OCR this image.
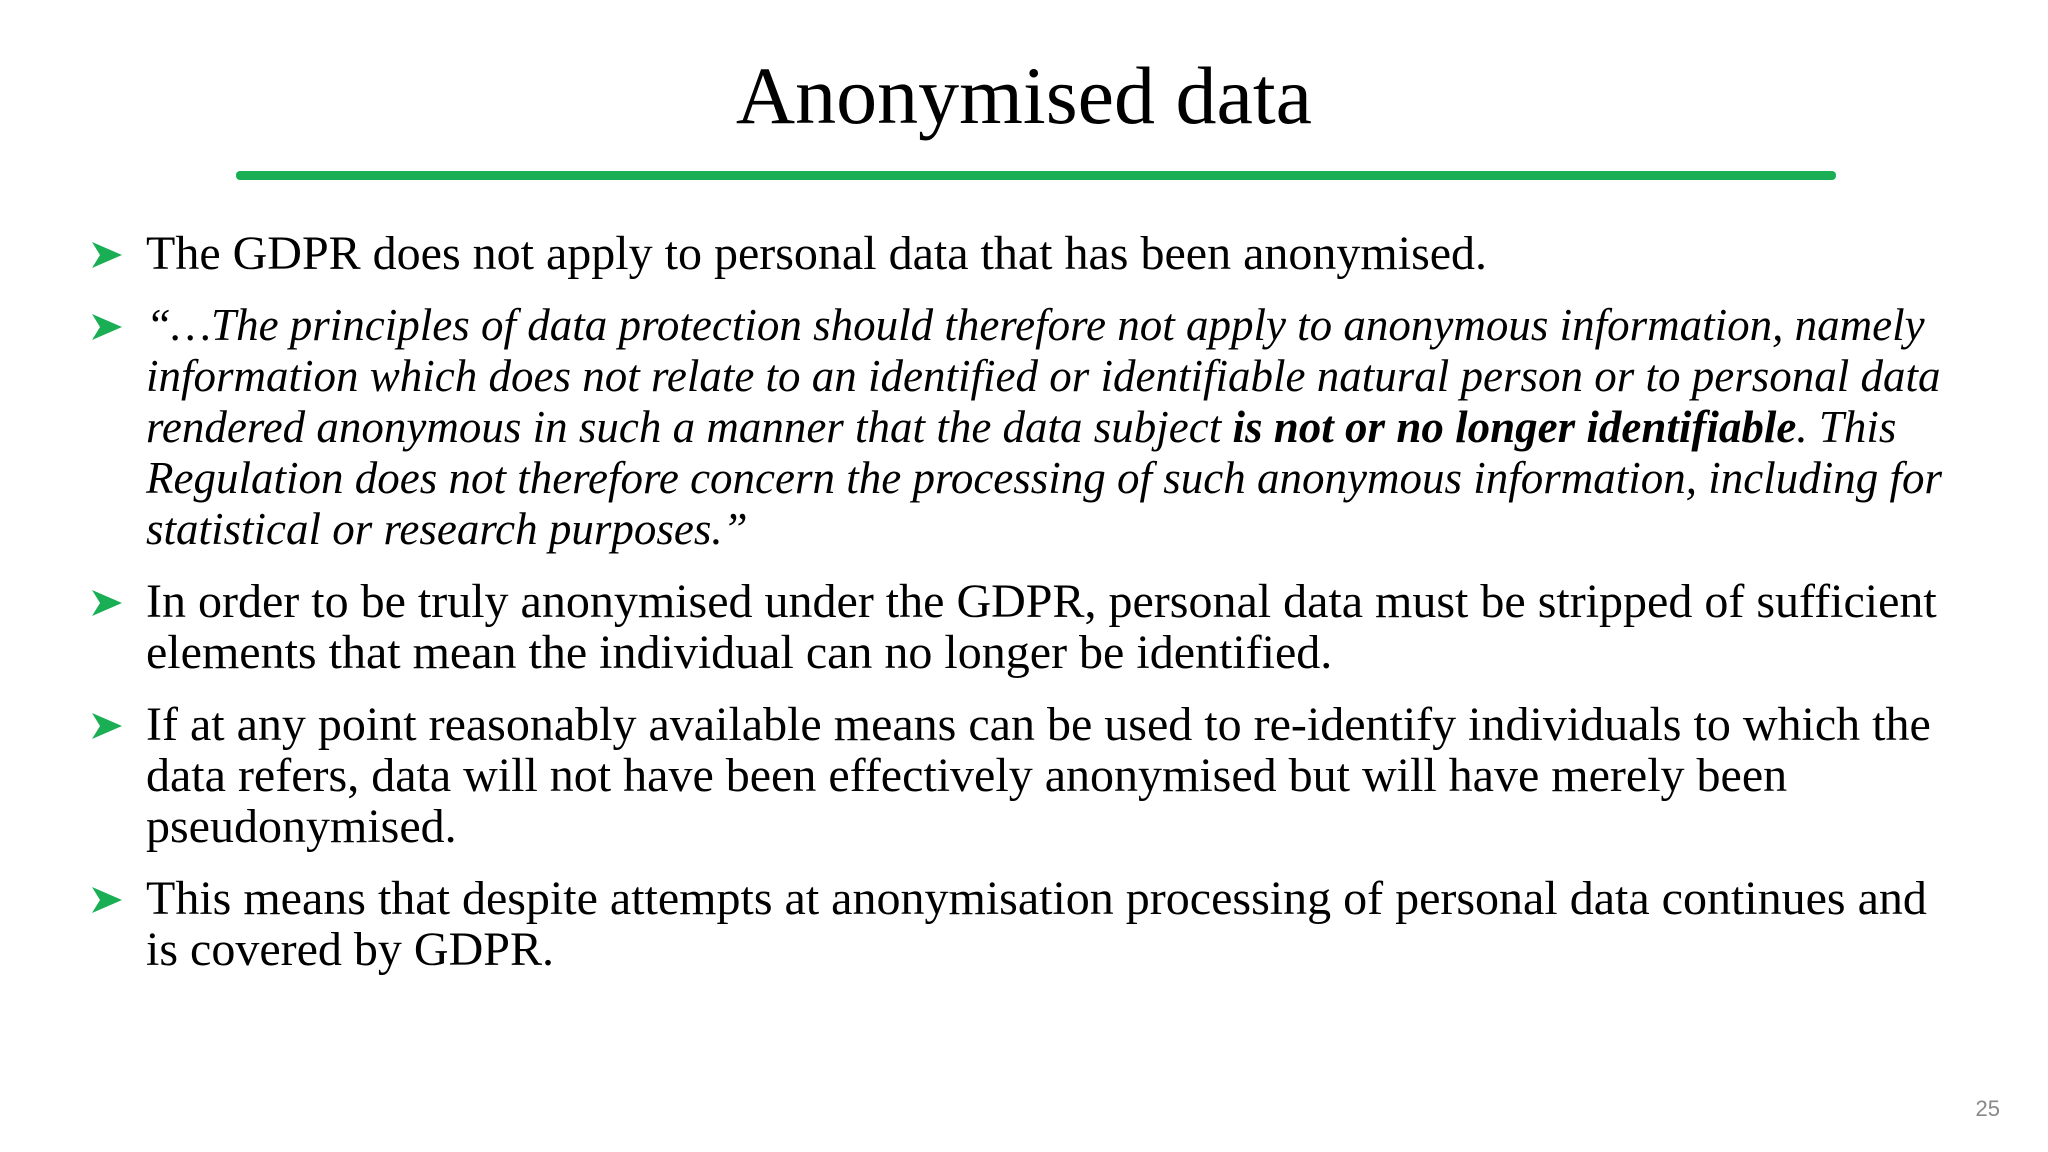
Anonymised data
The GDPR does not apply to personal data that has been anonymised.
“…The principles of data protection should therefore not apply to anonymous information, namely information which does not relate to an identified or identifiable natural person or to personal data rendered anonymous in such a manner that the data subject is not or no longer identifiable. This Regulation does not therefore concern the processing of such anonymous information, including for statistical or research purposes.”
In order to be truly anonymised under the GDPR, personal data must be stripped of sufficient elements that mean the individual can no longer be identified.
If at any point reasonably available means can be used to re-identify individuals to which the data refers, data will not have been effectively anonymised but will have merely been pseudonymised.
This means that despite attempts at anonymisation processing of personal data continues and is covered by GDPR.
25
